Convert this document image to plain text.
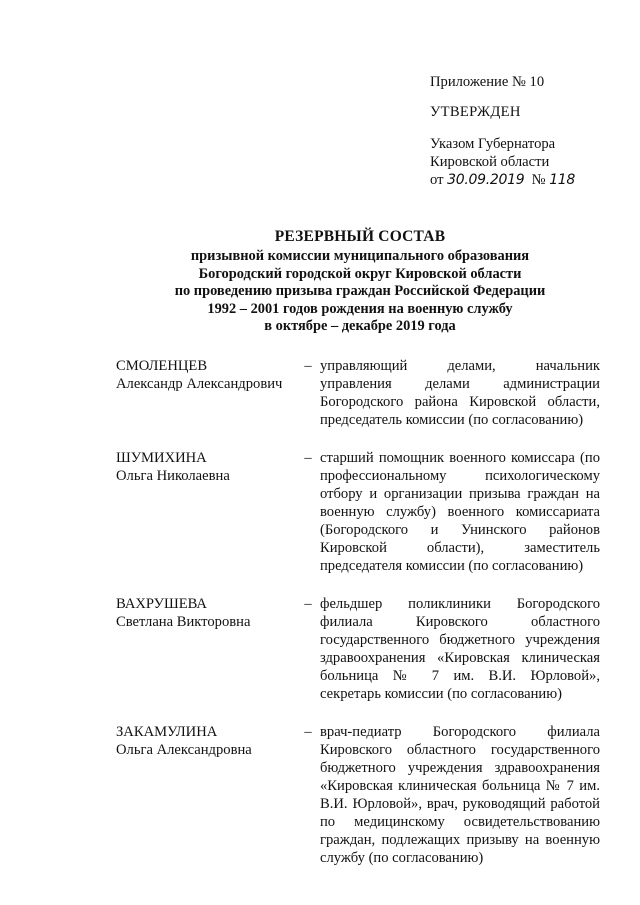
Приложение № 10

УТВЕРЖДЕН

Указом Губернатора

Кировской области

от 30.09.2019 № 118

РЕЗЕРВНЫЙ СОСТАВ
призывной комиссии муниципального образования
Богородский городской округ Кировской области
по проведению призыва граждан Российской Федерации
1992 – 2001 годов рождения на военную службу
в октябре – декабре 2019 года
СМОЛЕНЦЕВ
Александр Александрович
– управляющий делами, начальник управления делами администрации Богородского района Кировской области, председатель комиссии (по согласованию)
ШУМИХИНА
Ольга Николаевна
– старший помощник военного комиссара (по профессиональному психологическому отбору и организации призыва граждан на военную службу) военного комиссариата (Богородского и Унинского районов Кировской области), заместитель председателя комиссии (по согласованию)
ВАХРУШЕВА
Светлана Викторовна
– фельдшер поликлиники Богородского филиала Кировского областного государственного бюджетного учреждения здравоохранения «Кировская клиническая больница № 7 им. В.И. Юрловой», секретарь комиссии (по согласованию)
ЗАКАМУЛИНА
Ольга Александровна
– врач-педиатр Богородского филиала Кировского областного государственного бюджетного учреждения здравоохранения «Кировская клиническая больница № 7 им. В.И. Юрловой», врач, руководящий работой по медицинскому освидетельствованию граждан, подлежащих призыву на военную службу (по согласованию)
